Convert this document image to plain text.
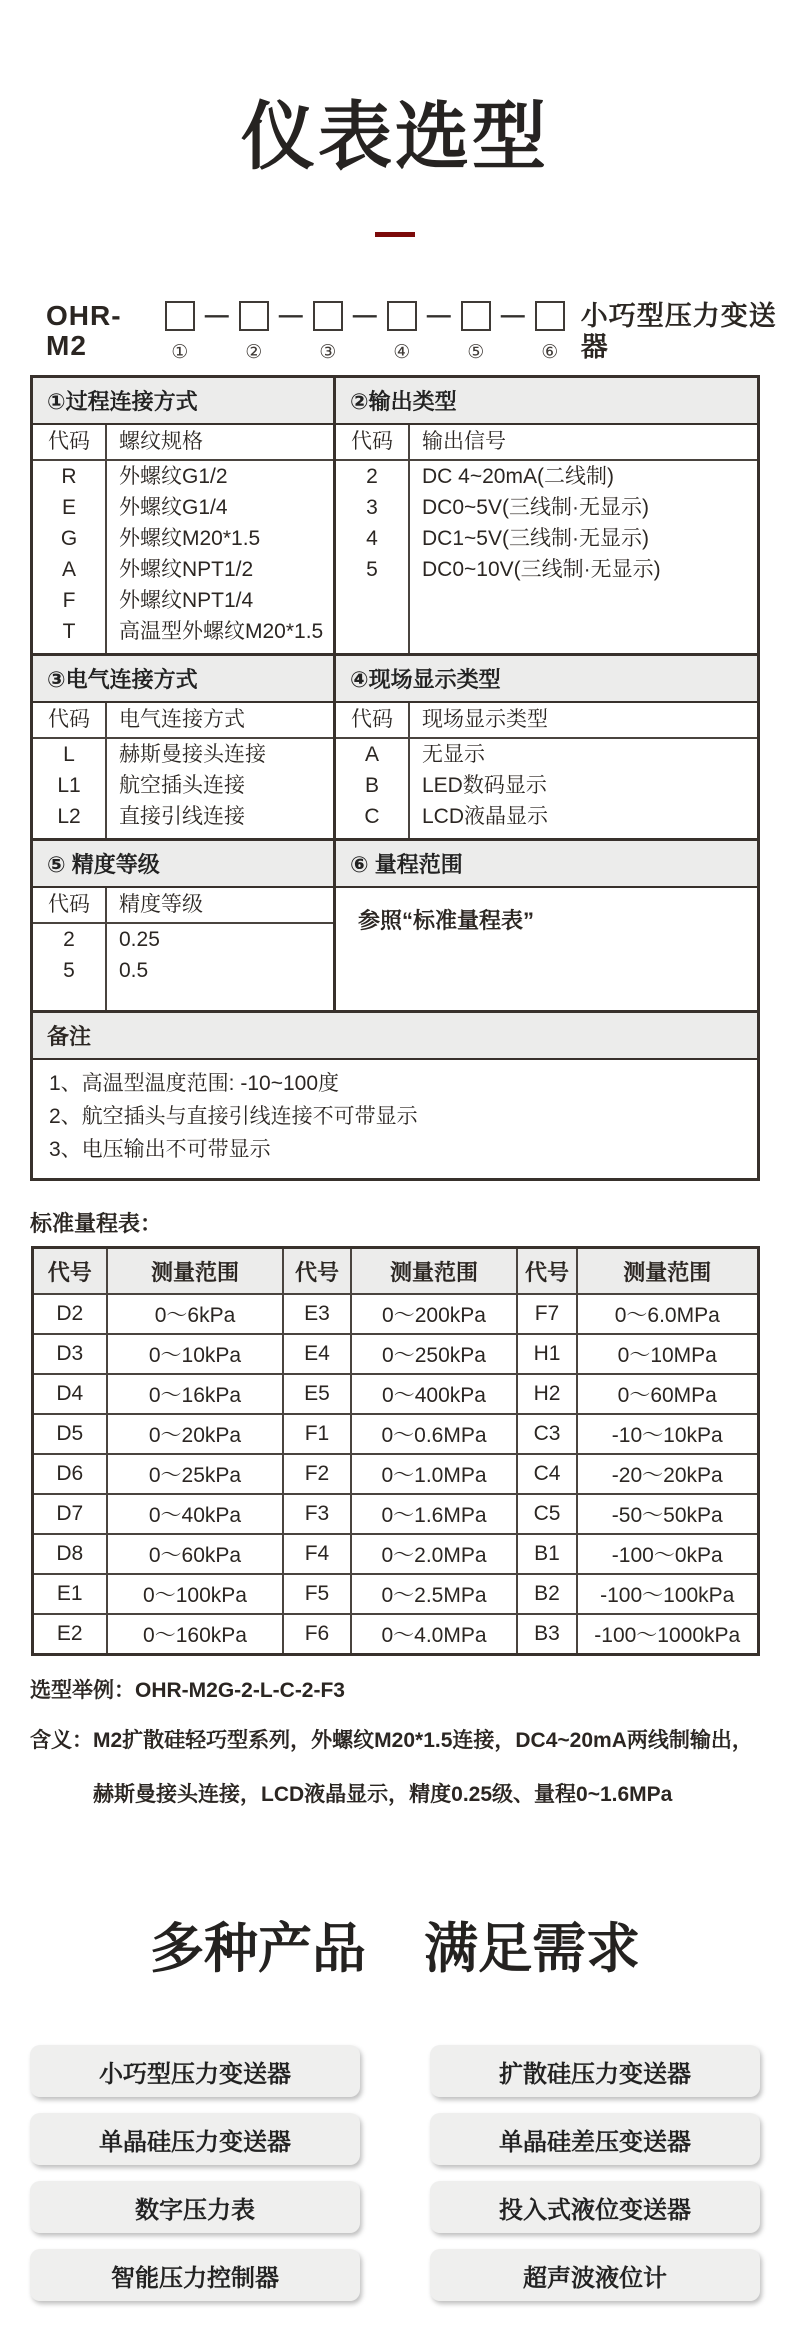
仪表选型
OHR-M2	①
—
②
—
③
—
④
—
⑤
—
⑥
小巧型压力变送器
①过程连接方式	②输出类型
代码	螺纹规格
R	外螺纹G1/2
E	外螺纹G1/4
G	外螺纹M20*1.5
A	外螺纹NPT1/2
F	外螺纹NPT1/4
T	高温型外螺纹M20*1.5
代码	输出信号
2	DC 4~20mA(二线制)
3	DC0~5V(三线制·无显示)
4	DC1~5V(三线制·无显示)
5	DC0~10V(三线制·无显示)
③电气连接方式	④现场显示类型
代码	电气连接方式
L	赫斯曼接头连接
L1	航空插头连接
L2	直接引线连接
代码	现场显示类型
A	无显示
B	LED数码显示
C	LCD液晶显示
⑤ 精度等级	⑥ 量程范围
代码	精度等级
2	0.25
5	0.5
参照“标准量程表”
备注
1、高温型温度范围: -10~100度
2、航空插头与直接引线连接不可带显示
3、电压输出不可带显示
标准量程表：
代号	测量范围	代号	测量范围	代号	测量范围
D2	0～6kPa	E3	0～200kPa	F7	0～6.0MPa
D3	0～10kPa	E4	0～250kPa	H1	0～10MPa
D4	0～16kPa	E5	0～400kPa	H2	0～60MPa
D5	0～20kPa	F1	0～0.6MPa	C3	-10～10kPa
D6	0～25kPa	F2	0～1.0MPa	C4	-20～20kPa
D7	0～40kPa	F3	0～1.6MPa	C5	-50～50kPa
D8	0～60kPa	F4	0～2.0MPa	B1	-100～0kPa
E1	0～100kPa	F5	0～2.5MPa	B2	-100～100kPa
E2	0～160kPa	F6	0～4.0MPa	B3	-100～1000kPa
选型举例：OHR-M2G-2-L-C-2-F3
含义： M2扩散硅轻巧型系列，外螺纹M20*1.5连接，DC4~20mA两线制输出，
赫斯曼接头连接，LCD液晶显示，精度0.25级、量程0~1.6MPa
多种产品 满足需求
小巧型压力变送器	扩散硅压力变送器
单晶硅压力变送器	单晶硅差压变送器
数字压力表	投入式液位变送器
智能压力控制器	超声波液位计
